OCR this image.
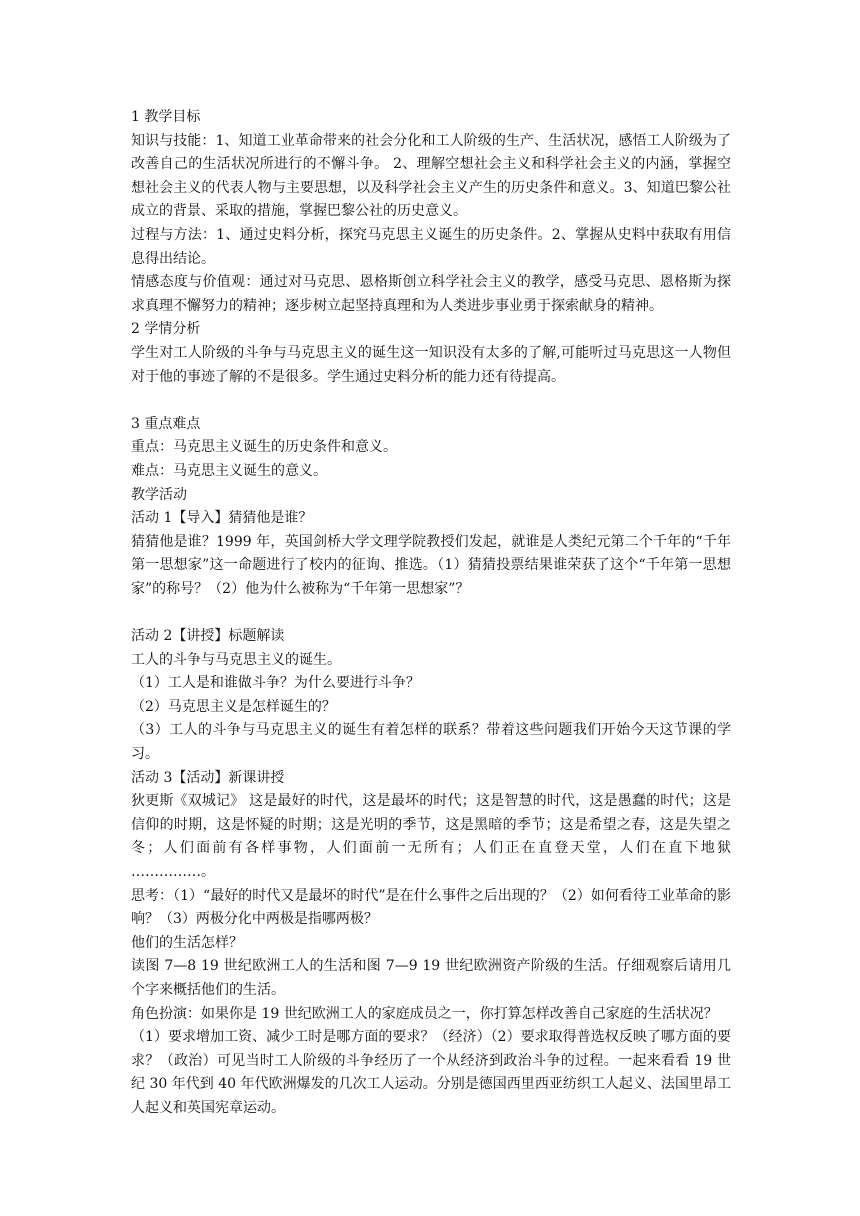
1 教学目标

知识与技能：1、知道工业革命带来的社会分化和工人阶级的生产、生活状况，感悟工人阶级为了改善自己的生活状况所进行的不懈斗争。 2、理解空想社会主义和科学社会主义的内涵，掌握空想社会主义的代表人物与主要思想，以及科学社会主义产生的历史条件和意义。3、知道巴黎公社成立的背景、采取的措施，掌握巴黎公社的历史意义。

过程与方法：1、通过史料分析，探究马克思主义诞生的历史条件。2、掌握从史料中获取有用信息得出结论。

情感态度与价值观：通过对马克思、恩格斯创立科学社会主义的教学，感受马克思、恩格斯为探求真理不懈努力的精神；逐步树立起坚持真理和为人类进步事业勇于探索献身的精神。

2 学情分析

学生对工人阶级的斗争与马克思主义的诞生这一知识没有太多的了解,可能听过马克思这一人物但对于他的事迹了解的不是很多。学生通过史料分析的能力还有待提高。

3 重点难点

重点：马克思主义诞生的历史条件和意义。

难点：马克思主义诞生的意义。

教学活动

活动 1【导入】猜猜他是谁？

猜猜他是谁？1999 年，英国剑桥大学文理学院教授们发起，就谁是人类纪元第二个千年的“千年第一思想家”这一命题进行了校内的征询、推选。（1）猜猜投票结果谁荣获了这个“千年第一思想家”的称号？（2）他为什么被称为“千年第一思想家”？

活动 2【讲授】标题解读

工人的斗争与马克思主义的诞生。

（1）工人是和谁做斗争？为什么要进行斗争？

（2）马克思主义是怎样诞生的？

（3）工人的斗争与马克思主义的诞生有着怎样的联系？带着这些问题我们开始今天这节课的学习。

活动 3【活动】新课讲授

狄更斯《双城记》 这是最好的时代，这是最坏的时代；这是智慧的时代，这是愚蠢的时代；这是信仰的时期，这是怀疑的时期；这是光明的季节，这是黑暗的季节；这是希望之春，这是失望之冬；人们面前有各样事物，人们面前一无所有；人们正在直登天堂，人们在直下地狱 ……………。

思考：（1）“最好的时代又是最坏的时代”是在什么事件之后出现的？（2）如何看待工业革命的影响？（3）两极分化中两极是指哪两极？

他们的生活怎样？

读图 7—8 19 世纪欧洲工人的生活和图 7—9 19 世纪欧洲资产阶级的生活。仔细观察后请用几个字来概括他们的生活。

角色扮演：如果你是 19 世纪欧洲工人的家庭成员之一，你打算怎样改善自己家庭的生活状况？

（1）要求增加工资、减少工时是哪方面的要求？（经济）（2）要求取得普选权反映了哪方面的要求？（政治）可见当时工人阶级的斗争经历了一个从经济到政治斗争的过程。一起来看看 19 世纪 30 年代到 40 年代欧洲爆发的几次工人运动。分别是德国西里西亚纺织工人起义、法国里昂工人起义和英国宪章运动。
